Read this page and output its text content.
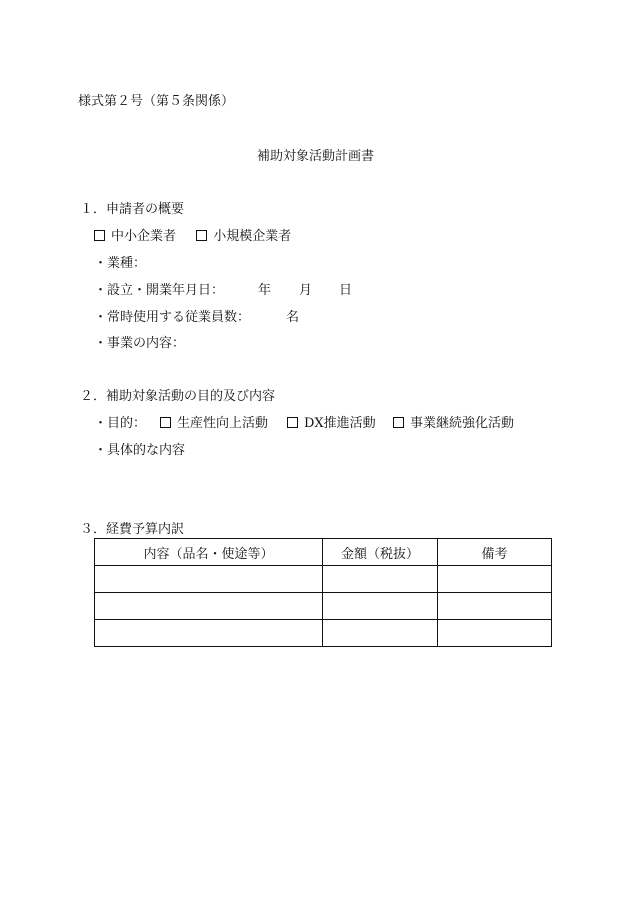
様式第２号（第５条関係）
補助対象活動計画書
１．申請者の概要
中小企業者	小規模企業者
・業種：
・設立・開業年月日：	年 月 日
・常時使用する従業員数：	名
・事業の内容：
２．補助対象活動の目的及び内容
・目的：	生産性向上活動	DX推進活動	事業継続強化活動
・具体的な内容
３．経費予算内訳
内容（品名・使途等）	金額（税抜）	備考
